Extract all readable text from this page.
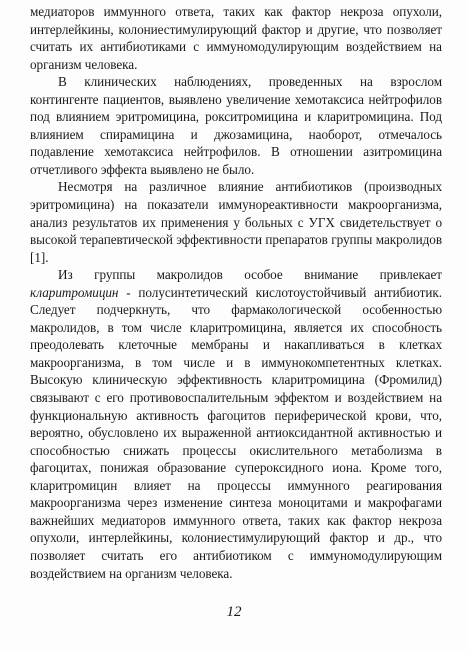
медиаторов иммунного ответа, таких как фактор некроза опухоли, интерлейкины, колониестимулирующий фактор и другие, что позволяет считать их антибиотиками с иммуномодулирующим воздействием на организм человека.

В клинических наблюдениях, проведенных на взрослом контингенте пациентов, выявлено увеличение хемотаксиса нейтрофилов под влиянием эритромицина, рокситромицина и кларитромицина. Под влиянием спирамицина и джозамицина, наоборот, отмечалось подавление хемотаксиса нейтрофилов. В отношении азитромицина отчетливого эффекта выявлено не было.

Несмотря на различное влияние антибиотиков (производных эритромицина) на показатели иммунореактивности макроорганизма, анализ результатов их применения у больных с УГХ свидетельствует о высокой терапевтической эффективности препаратов группы макролидов [1].

Из группы макролидов особое внимание привлекает кларитромицин - полусинтетический кислотоустойчивый антибиотик. Следует подчеркнуть, что фармакологической особенностью макролидов, в том числе кларитромицина, является их способность преодолевать клеточные мембраны и накапливаться в клетках макроорганизма, в том числе и в иммунокомпетентных клетках. Высокую клиническую эффективность кларитромицина (Фромилид) связывают с его противовоспалительным эффектом и воздействием на функциональную активность фагоцитов периферической крови, что, вероятно, обусловлено их выраженной антиоксидантной активностью и способностью снижать процессы окислительного метаболизма в фагоцитах, понижая образование супероксидного иона. Кроме того, кларитромицин влияет на процессы иммунного реагирования макроорганизма через изменение синтеза моноцитами и макрофагами важнейших медиаторов иммунного ответа, таких как фактор некроза опухоли, интерлейкины, колониестимулирующий фактор и др., что позволяет считать его антибиотиком с иммуномодулирующим воздействием на организм человека.

12
